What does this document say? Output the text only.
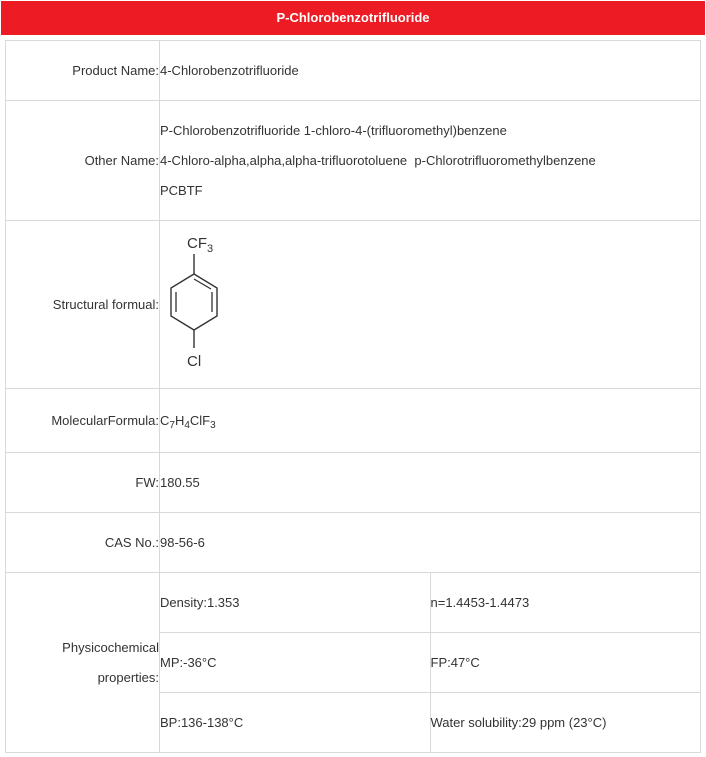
P-Chlorobenzotrifluoride
Product Name:	4-Chlorobenzotrifluoride	
Other Name:	P-Chlorobenzotrifluoride 1-chloro-4-(trifluoromethyl)benzene
4-Chloro-alpha,alpha,alpha-trifluorotoluene  p-Chlorotrifluoromethylbenzene
PCBTF	

Structural formual:	$CF_3$
Cl	

MolecularFormula:	$C_7H_4ClF_3$
FW:	180.55	
CAS No.:	98-56-6	

Physicochemical
properties:	Density:1.353	n=1.4453-1.4473
	MP:-36°C	FP:47°C
	BP:136-138°C	Water solubility:29 ppm (23°C)
